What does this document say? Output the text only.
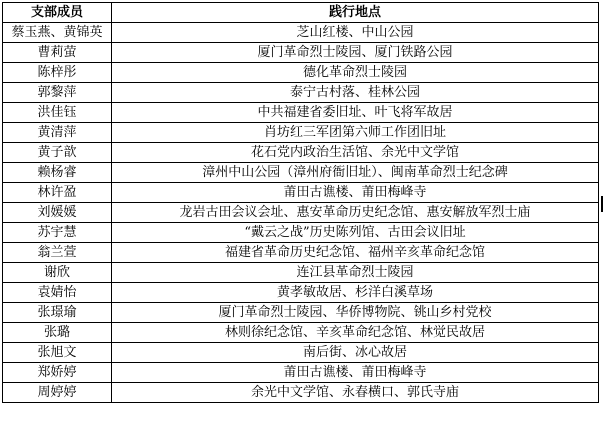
支部成员	践行地点
蔡玉燕、黄锦英	芝山红楼、中山公园
曹莉萤	厦门革命烈士陵园、厦门铁路公园
陈梓彤	德化革命烈士陵园
郭黎萍	泰宁古村落、桂林公园
洪佳钰	中共福建省委旧址、叶飞将军故居
黄清萍	肖坊红三军团第六师工作团旧址
黄子歆	花石党内政治生活馆、余光中文学馆
赖杨睿	漳州中山公园（漳州府衙旧址）、闽南革命烈士纪念碑
林许盈	莆田古谯楼、莆田梅峰寺
刘媛媛	龙岩古田会议会址、惠安革命历史纪念馆、惠安解放军烈士庙
苏宇慧	“戴云之战”历史陈列馆、古田会议旧址
翁兰萱	福建省革命历史纪念馆、福州辛亥革命纪念馆
谢欣	连江县革命烈士陵园
袁婧怡	黄孝敏故居、杉洋白溪草场
张璟瑜	厦门革命烈士陵园、华侨博物院、铫山乡村党校
张璐	林则徐纪念馆、辛亥革命纪念馆、林觉民故居
张旭文	南后街、冰心故居
郑娇婷	莆田古谯楼、莆田梅峰寺
周婷婷	余光中文学馆、永春横口、郭氏寺庙
